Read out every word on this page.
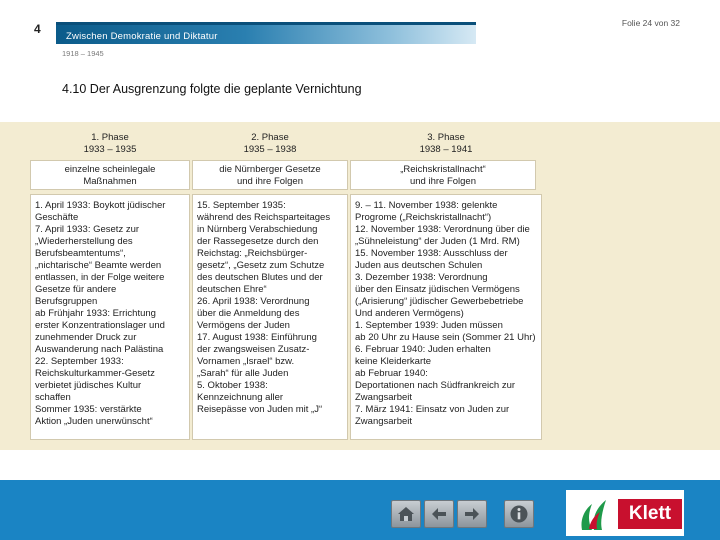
4	Folie 24 von 32
Zwischen Demokratie und Diktatur
1918 – 1945
4.10 Der Ausgrenzung folgte die geplante Vernichtung
1. Phase
1933 – 1935
einzelne scheinlegale
Maßnahmen
1. April 1933: Boykott jüdischer
Geschäfte
7. April 1933: Gesetz zur
„Wiederherstellung des
Berufsbeamtentums“,
„nichtarische“ Beamte werden
entlassen, in der Folge weitere
Gesetze für andere
Berufsgruppen
ab Frühjahr 1933: Errichtung
erster Konzentrationslager und
zunehmender Druck zur
Auswanderung nach Palästina
22. September 1933:
Reichskulturkammer-Gesetz
verbietet jüdisches Kultur
schaffen
Sommer 1935: verstärkte
Aktion „Juden unerwünscht“
2. Phase
1935 – 1938
die Nürnberger Gesetze
und ihre Folgen
15. September 1935:
während des Reichsparteitages
in Nürnberg Verabschiedung
der Rassegesetze durch den
Reichstag: „Reichsbürger-
gesetz“, „Gesetz zum Schutze
des deutschen Blutes und der
deutschen Ehre“
26. April 1938: Verordnung
über die Anmeldung des
Vermögens der Juden
17. August 1938: Einführung
der zwangsweisen Zusatz-
Vornamen „Israel“ bzw.
„Sarah“ für alle Juden
5. Oktober 1938:
Kennzeichnung aller
Reisepässe von Juden mit „J“
3. Phase
1938 – 1941
„Reichskristallnacht“
und ihre Folgen
9. – 11. November 1938: gelenkte
Progrome („Reichskristallnacht“)
12. November 1938: Verordnung über die
„Sühneleistung“ der Juden (1 Mrd. RM)
15. November 1938: Ausschluss der
Juden aus deutschen Schulen
3. Dezember 1938: Verordnung
über den Einsatz jüdischen Vermögens
(„Arisierung“ jüdischer Gewerbebetriebe
Und anderen Vermögens)
1. September 1939: Juden müssen
ab 20 Uhr zu Hause sein (Sommer 21 Uhr)
6. Februar 1940: Juden erhalten
keine Kleiderkarte
ab Februar 1940:
Deportationen nach Südfrankreich zur
Zwangsarbeit
7. März 1941: Einsatz von Juden zur
Zwangsarbeit
Klett
